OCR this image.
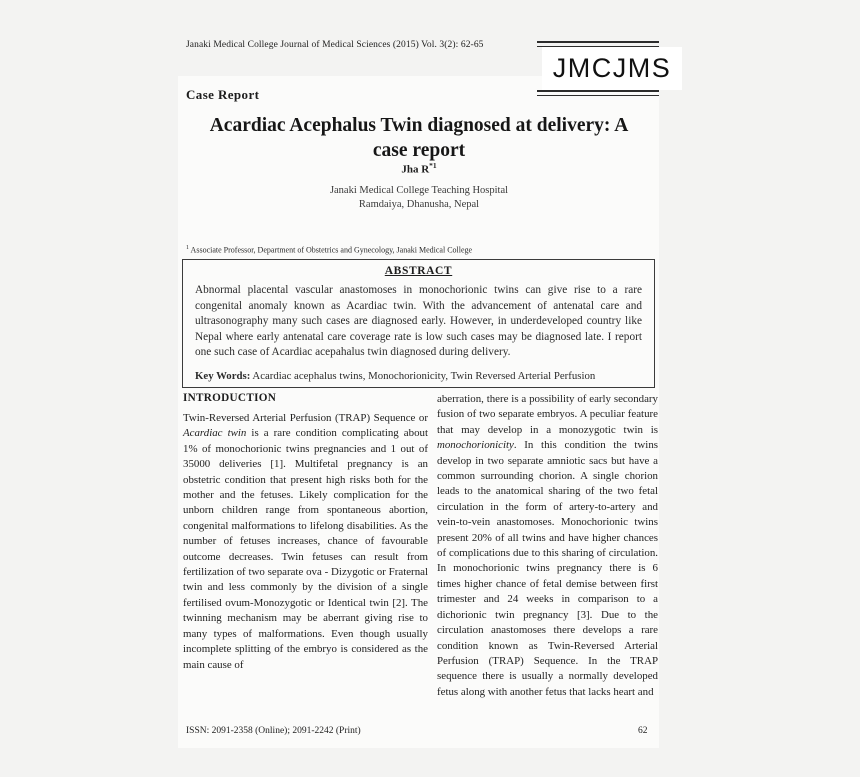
Janaki Medical College Journal of Medical Sciences (2015) Vol. 3(2): 62-65
JMCJMS
Case Report
Acardiac Acephalus Twin diagnosed at delivery: A case report
Jha $R^{*1}$
Janaki Medical College Teaching Hospital
Ramdaiya, Dhanusha, Nepal
$^1$ Associate Professor, Department of Obstetrics and Gynecology, Janaki Medical College
ABSTRACT
Abnormal placental vascular anastomoses in monochorionic twins can give rise to a rare congenital anomaly known as Acardiac twin. With the advancement of antenatal care and ultrasonography many such cases are diagnosed early. However, in underdeveloped country like Nepal where early antenatal care coverage rate is low such cases may be diagnosed late. I report one such case of Acardiac acepahalus twin diagnosed during delivery.
Key Words: Acardiac acephalus twins, Monochorionicity, Twin Reversed Arterial Perfusion
INTRODUCTION
Twin-Reversed Arterial Perfusion (TRAP) Sequence or Acardiac twin is a rare condition complicating about 1% of monochorionic twins pregnancies and 1 out of 35000 deliveries [1]. Multifetal pregnancy is an obstetric condition that present high risks both for the mother and the fetuses. Likely complication for the unborn children range from spontaneous abortion, congenital malformations to lifelong disabilities. As the number of fetuses increases, chance of favourable outcome decreases. Twin fetuses can result from fertilization of two separate ova - Dizygotic or Fraternal twin and less commonly by the division of a single fertilised ovum-Monozygotic or Identical twin [2]. The twinning mechanism may be aberrant giving rise to many types of malformations. Even though usually incomplete splitting of the embryo is considered as the main cause of
aberration, there is a possibility of early secondary fusion of two separate embryos. A peculiar feature that may develop in a monozygotic twin is monochorionicity. In this condition the twins develop in two separate amniotic sacs but have a common surrounding chorion. A single chorion leads to the anatomical sharing of the two fetal circulation in the form of artery-to-artery and vein-to-vein anastomoses. Monochorionic twins present 20% of all twins and have higher chances of complications due to this sharing of circulation. In monochorionic twins pregnancy there is 6 times higher chance of fetal demise between first trimester and 24 weeks in comparison to a dichorionic twin pregnancy [3]. Due to the circulation anastomoses there develops a rare condition known as Twin-Reversed Arterial Perfusion (TRAP) Sequence. In the TRAP sequence there is usually a normally developed fetus along with another fetus that lacks heart and
ISSN: 2091-2358 (Online); 2091-2242 (Print)	62
